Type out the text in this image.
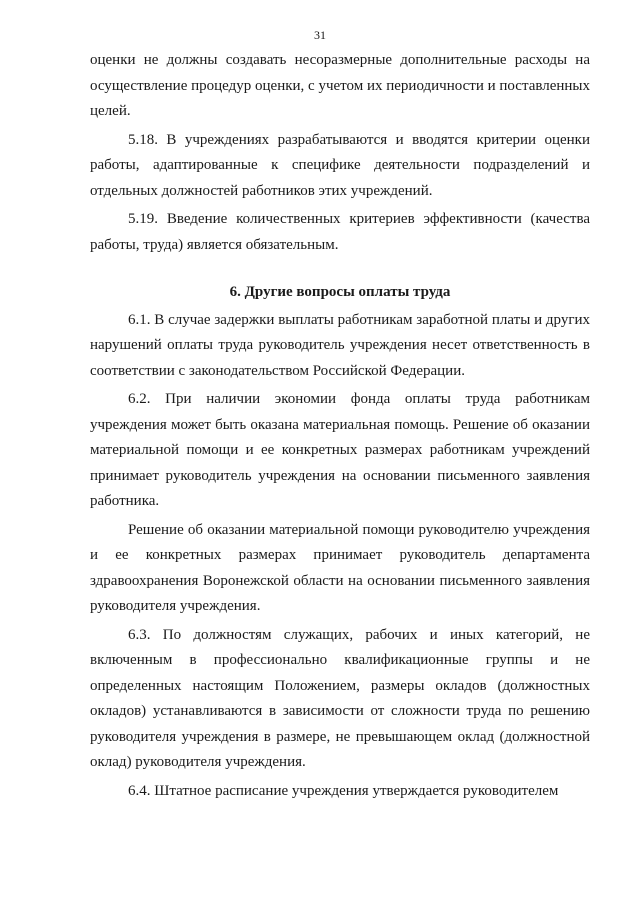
31

оценки не должны создавать несоразмерные дополнительные расходы на осуществление процедур оценки, с учетом их периодичности и поставленных целей.

5.18. В учреждениях разрабатываются и вводятся критерии оценки работы, адаптированные к специфике деятельности подразделений и отдельных должностей работников этих учреждений.

5.19. Введение количественных критериев эффективности (качества работы, труда) является обязательным.

6. Другие вопросы оплаты труда

6.1. В случае задержки выплаты работникам заработной платы и других нарушений оплаты труда руководитель учреждения несет ответственность в соответствии с законодательством Российской Федерации.

6.2. При наличии экономии фонда оплаты труда работникам учреждения может быть оказана материальная помощь. Решение об оказании материальной помощи и ее конкретных размерах работникам учреждений принимает руководитель учреждения на основании письменного заявления работника.

Решение об оказании материальной помощи руководителю учреждения и ее конкретных размерах принимает руководитель департамента здравоохранения Воронежской области на основании письменного заявления руководителя учреждения.

6.3. По должностям служащих, рабочих и иных категорий, не включенным в профессионально квалификационные группы и не определенных настоящим Положением, размеры окладов (должностных окладов) устанавливаются в зависимости от сложности труда по решению руководителя учреждения в размере, не превышающем оклад (должностной оклад) руководителя учреждения.

6.4. Штатное расписание учреждения утверждается руководителем
